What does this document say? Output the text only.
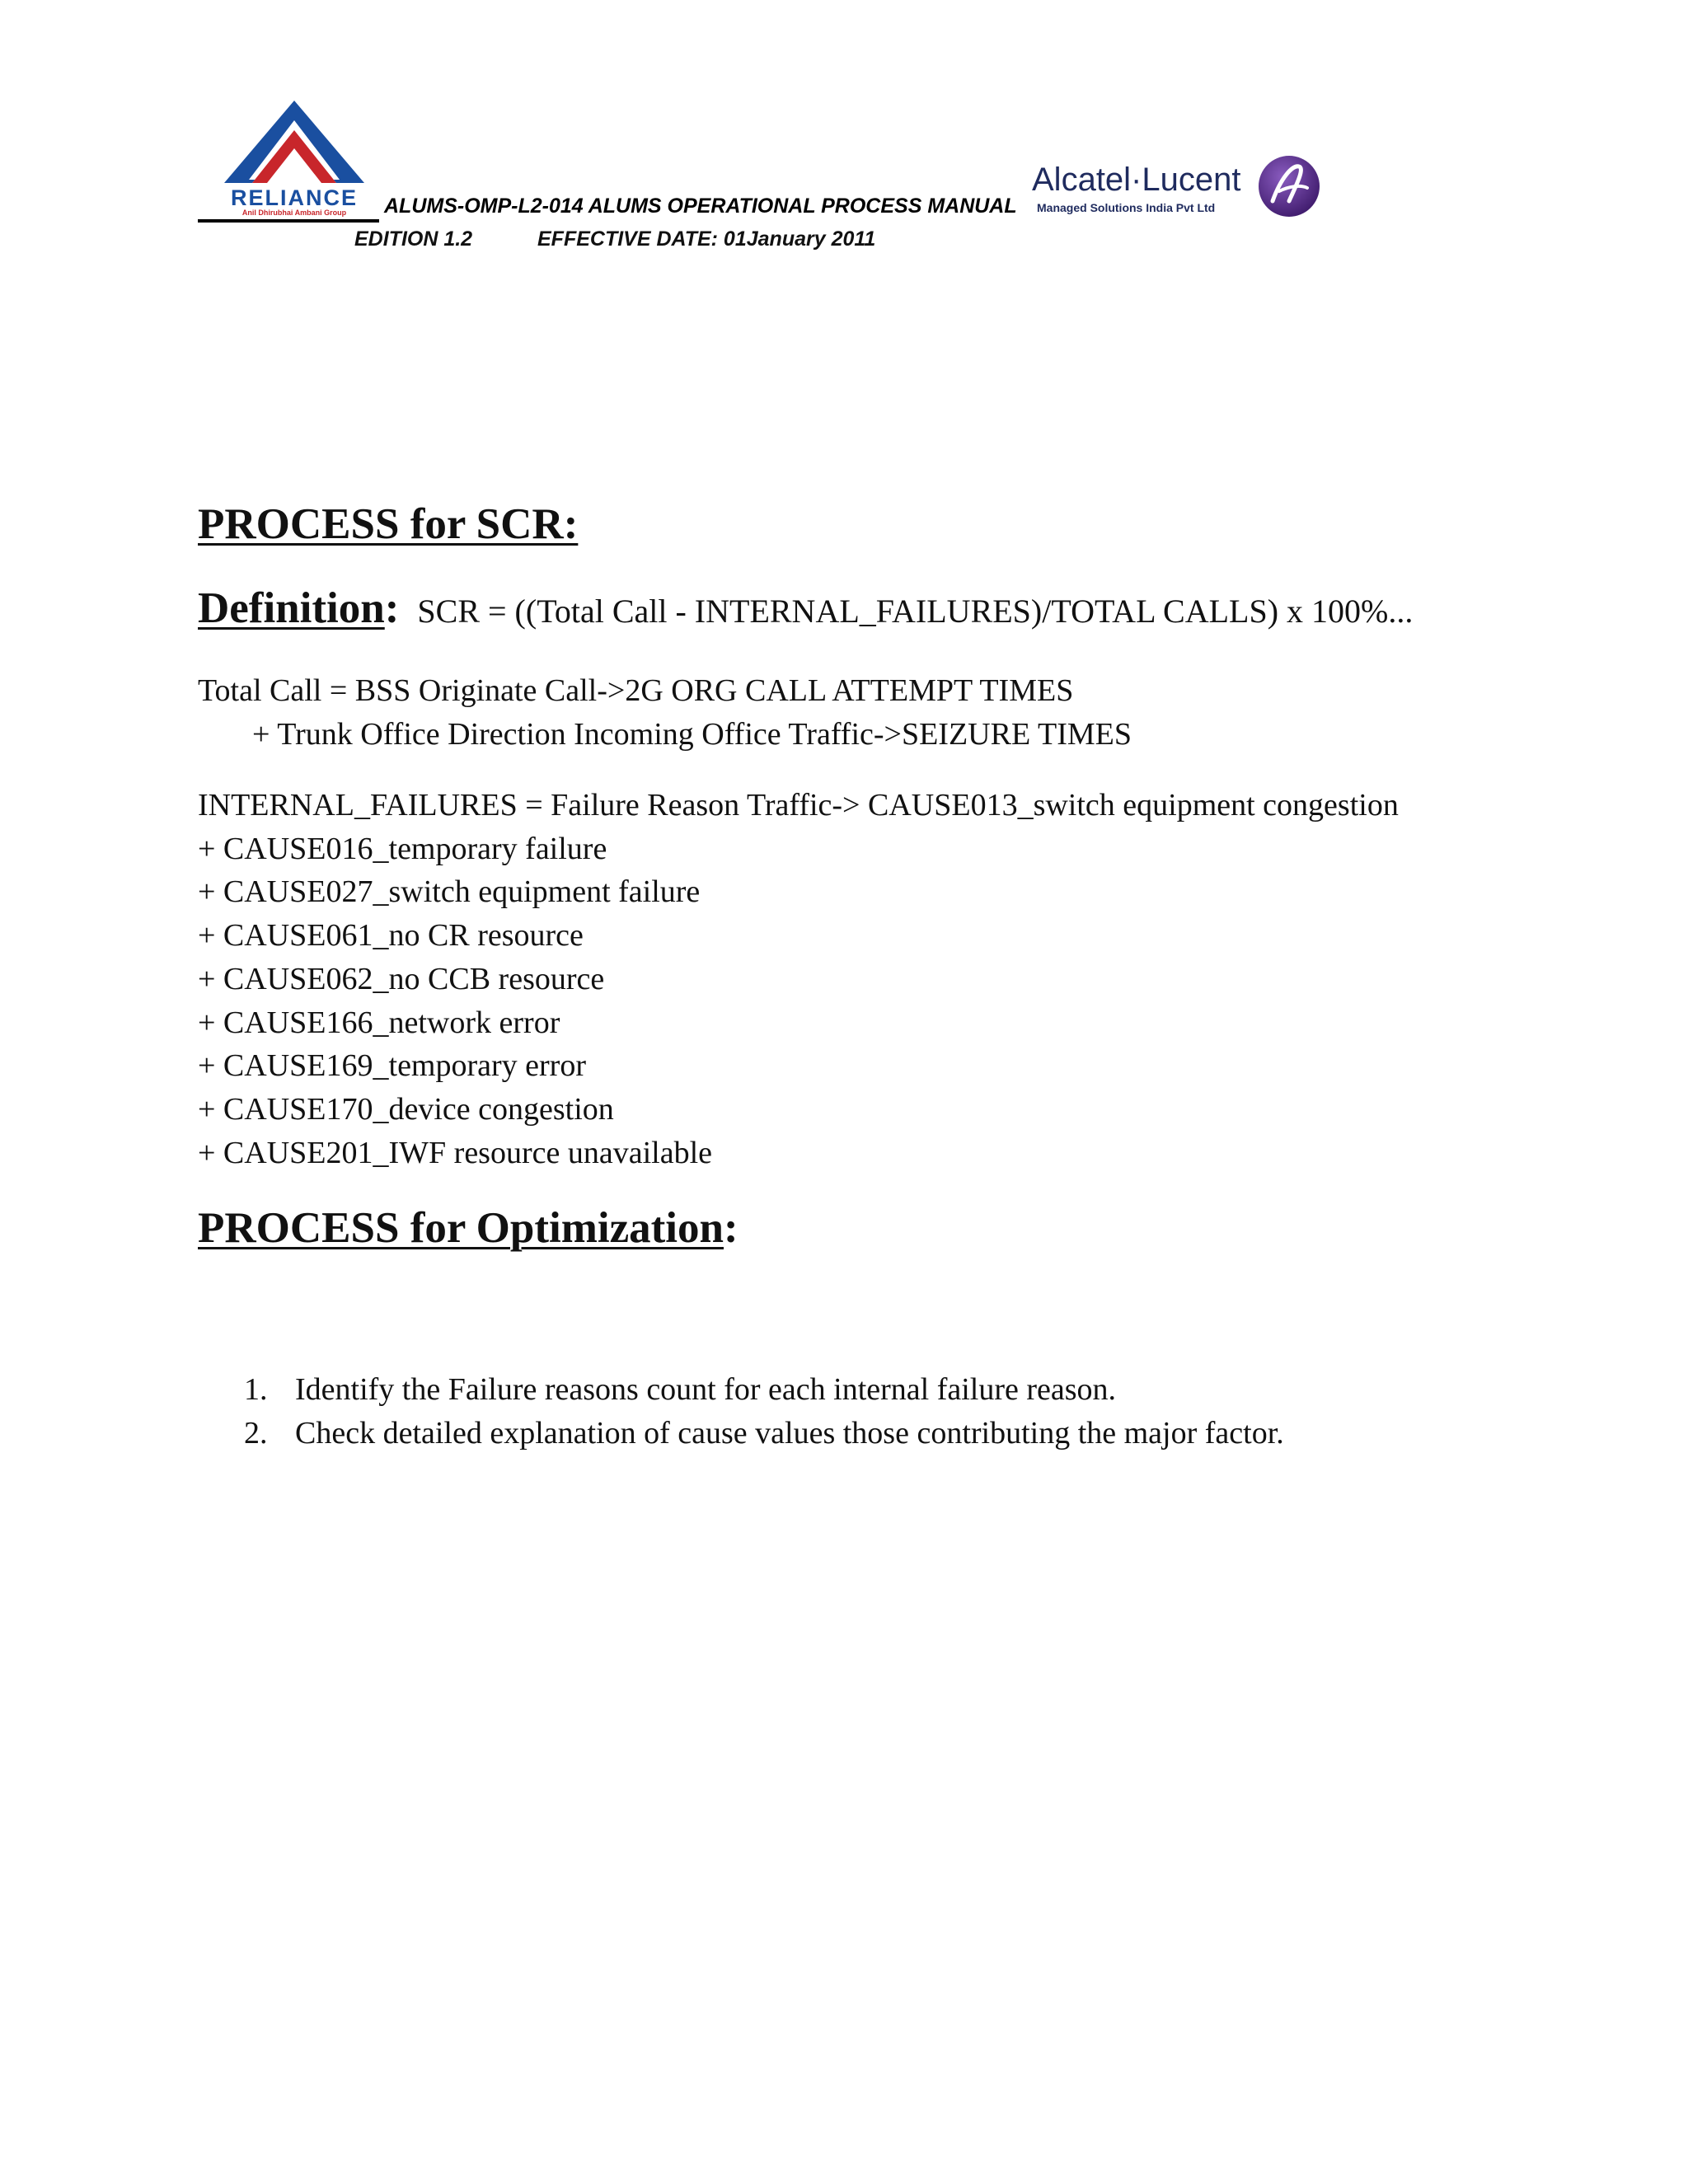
RELIANCE
Anil Dhirubhai Ambani Group	ALUMS-OMP-L2-014 ALUMS OPERATIONAL PROCESS MANUAL
EDITION 1.2	EFFECTIVE DATE: 01January 2011
Alcatel·Lucent
Managed Solutions India Pvt Ltd
PROCESS for SCR:
Definition: SCR = ((Total Call - INTERNAL_FAILURES)/TOTAL CALLS) x 100%...
Total Call = BSS Originate Call->2G ORG CALL ATTEMPT TIMES
+ Trunk Office Direction Incoming Office Traffic->SEIZURE TIMES
INTERNAL_FAILURES = Failure Reason Traffic-> CAUSE013_switch equipment congestion
+ CAUSE016_temporary failure
+ CAUSE027_switch equipment failure
+ CAUSE061_no CR resource
+ CAUSE062_no CCB resource
+ CAUSE166_network error
+ CAUSE169_temporary error
+ CAUSE170_device congestion
+ CAUSE201_IWF resource unavailable
PROCESS for Optimization:
1. Identify the Failure reasons count for each internal failure reason.
2. Check detailed explanation of cause values those contributing the major factor.
